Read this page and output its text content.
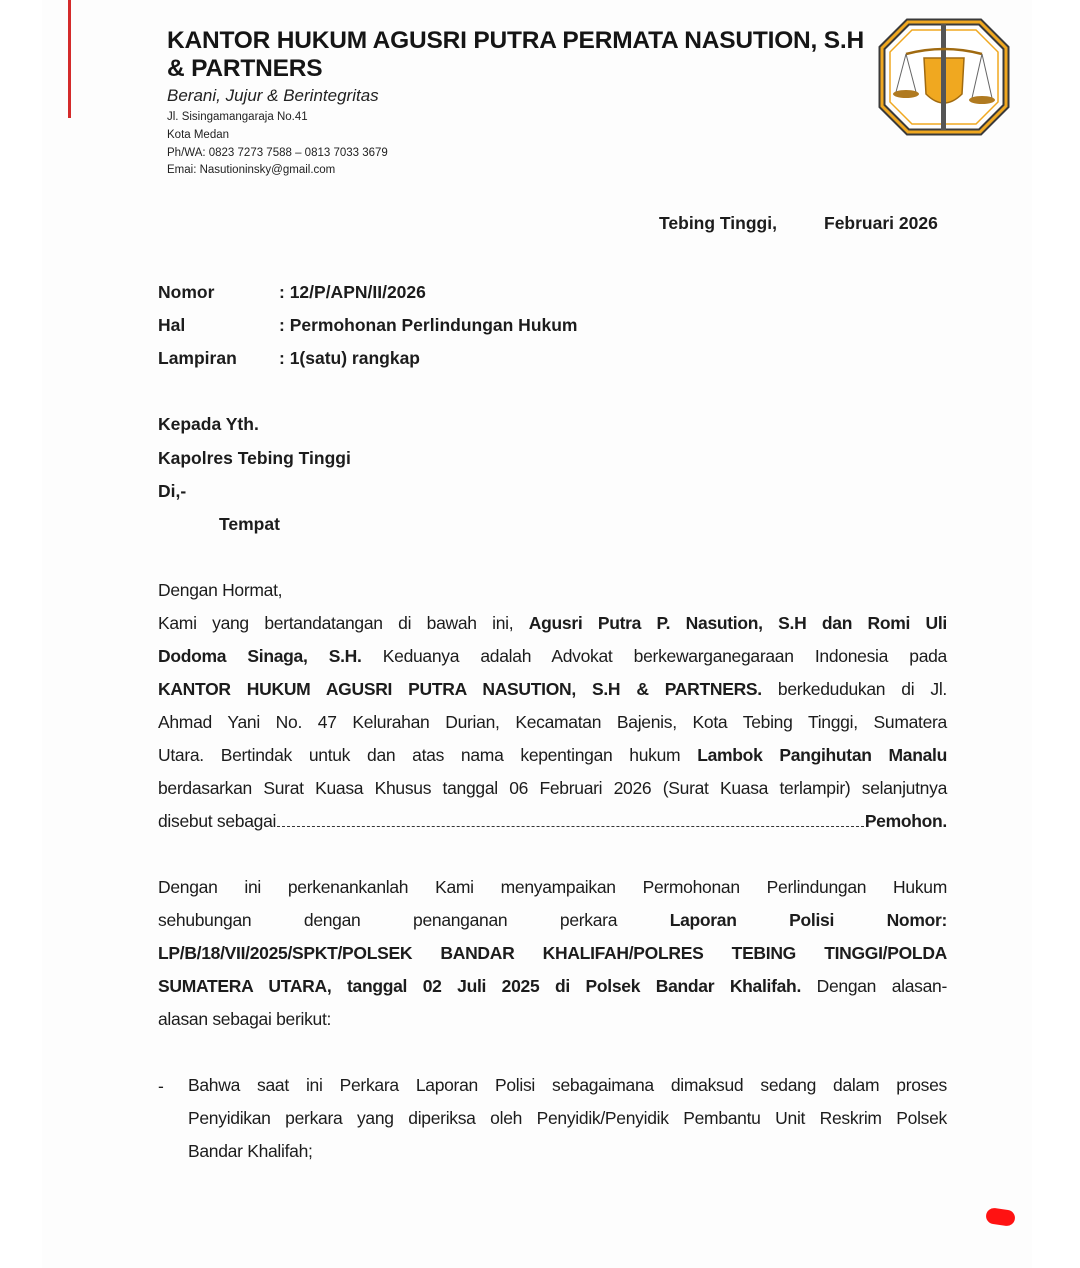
KANTOR HUKUM AGUSRI PUTRA PERMATA NASUTION, S.H
& PARTNERS
Berani, Jujur & Berintegritas
Jl. Sisingamangaraja No.41
Kota Medan
Ph/WA: 0823 7273 7588 – 0813 7033 3679
Emai: Nasutioninsky@gmail.com
Tebing Tinggi,	Februari 2026
Nomor	: 12/P/APN/II/2026
Hal	: Permohonan Perlindungan Hukum
Lampiran : 1(satu) rangkap
Kepada Yth.
Kapolres Tebing Tinggi
Di,-
Tempat
Dengan Hormat,
Kami yang bertandatangan di bawah ini, Agusri Putra P. Nasution, S.H dan Romi Uli
Dodoma Sinaga, S.H. Keduanya adalah Advokat berkewarganegaraan Indonesia pada
KANTOR HUKUM AGUSRI PUTRA NASUTION, S.H & PARTNERS. berkedudukan di Jl.
Ahmad Yani No. 47 Kelurahan Durian, Kecamatan Bajenis, Kota Tebing Tinggi, Sumatera
Utara. Bertindak untuk dan atas nama kepentingan hukum Lambok Pangihutan Manalu
berdasarkan Surat Kuasa Khusus tanggal 06 Februari 2026 (Surat Kuasa terlampir) selanjutnya
disebut sebagai	Pemohon.
Dengan ini perkenankanlah Kami menyampaikan Permohonan Perlindungan Hukum
sehubungan dengan penanganan perkara	Laporan Polisi Nomor:
LP/B/18/VII/2025/SPKT/POLSEK BANDAR KHALIFAH/POLRES TEBING TINGGI/POLDA
SUMATERA UTARA, tanggal 02 Juli 2025 di Polsek Bandar Khalifah. Dengan alasan-
alasan sebagai berikut:
- Bahwa saat ini Perkara Laporan Polisi sebagaimana dimaksud sedang dalam proses
Penyidikan perkara yang diperiksa oleh Penyidik/Penyidik Pembantu Unit Reskrim Polsek
Bandar Khalifah;
